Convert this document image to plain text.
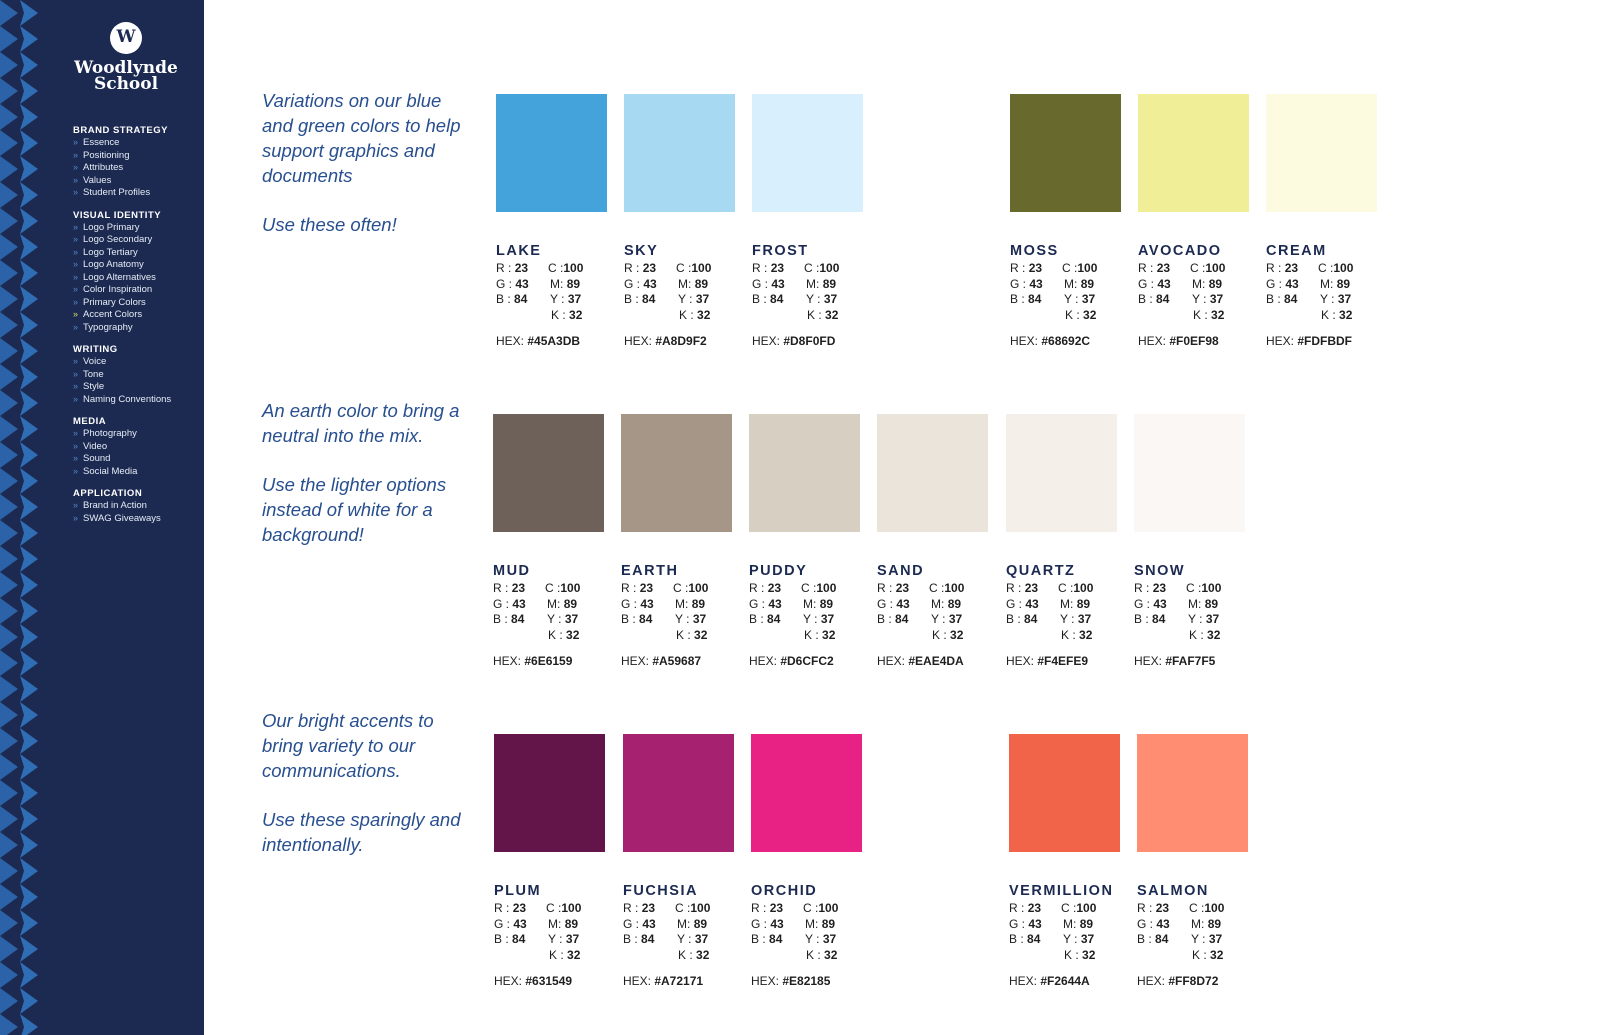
W
Woodlynde
School
BRAND STRATEGY
» Essence
» Positioning
» Attributes
» Values
» Student Profiles
VISUAL IDENTITY
» Logo Primary
» Logo Secondary
» Logo Tertiary
» Logo Anatomy
» Logo Alternatives
» Color Inspiration
» Primary Colors
» Accent Colors
» Typography
WRITING
» Voice
» Tone
» Style
» Naming Conventions
MEDIA
» Photography
» Video
» Sound
» Social Media
APPLICATION
» Brand in Action
» SWAG Giveaways

Variations on our blue and green colors to help support graphics and documents

Use these often!

An earth color to bring a neutral into the mix.

Use the lighter options instead of white for a background!

Our bright accents to bring variety to our communications.

Use these sparingly and intentionally.

LAKE
R : 23
G : 43
B : 84
C :100
M: 89
Y : 37
K : 32
HEX: #45A3DB
SKY
R : 23
G : 43
B : 84
C :100
M: 89
Y : 37
K : 32
HEX: #A8D9F2
FROST
R : 23
G : 43
B : 84
C :100
M: 89
Y : 37
K : 32
HEX: #D8F0FD
MOSS
R : 23
G : 43
B : 84
C :100
M: 89
Y : 37
K : 32
HEX: #68692C
AVOCADO
R : 23
G : 43
B : 84
C :100
M: 89
Y : 37
K : 32
HEX: #F0EF98
CREAM
R : 23
G : 43
B : 84
C :100
M: 89
Y : 37
K : 32
HEX: #FDFBDF
MUD
R : 23
G : 43
B : 84
C :100
M: 89
Y : 37
K : 32
HEX: #6E6159
EARTH
R : 23
G : 43
B : 84
C :100
M: 89
Y : 37
K : 32
HEX: #A59687
PUDDY
R : 23
G : 43
B : 84
C :100
M: 89
Y : 37
K : 32
HEX: #D6CFC2
SAND
R : 23
G : 43
B : 84
C :100
M: 89
Y : 37
K : 32
HEX: #EAE4DA
QUARTZ
R : 23
G : 43
B : 84
C :100
M: 89
Y : 37
K : 32
HEX: #F4EFE9
SNOW
R : 23
G : 43
B : 84
C :100
M: 89
Y : 37
K : 32
HEX: #FAF7F5
PLUM
R : 23
G : 43
B : 84
C :100
M: 89
Y : 37
K : 32
HEX: #631549
FUCHSIA
R : 23
G : 43
B : 84
C :100
M: 89
Y : 37
K : 32
HEX: #A72171
ORCHID
R : 23
G : 43
B : 84
C :100
M: 89
Y : 37
K : 32
HEX: #E82185
VERMILLION
R : 23
G : 43
B : 84
C :100
M: 89
Y : 37
K : 32
HEX: #F2644A
SALMON
R : 23
G : 43
B : 84
C :100
M: 89
Y : 37
K : 32
HEX: #FF8D72
